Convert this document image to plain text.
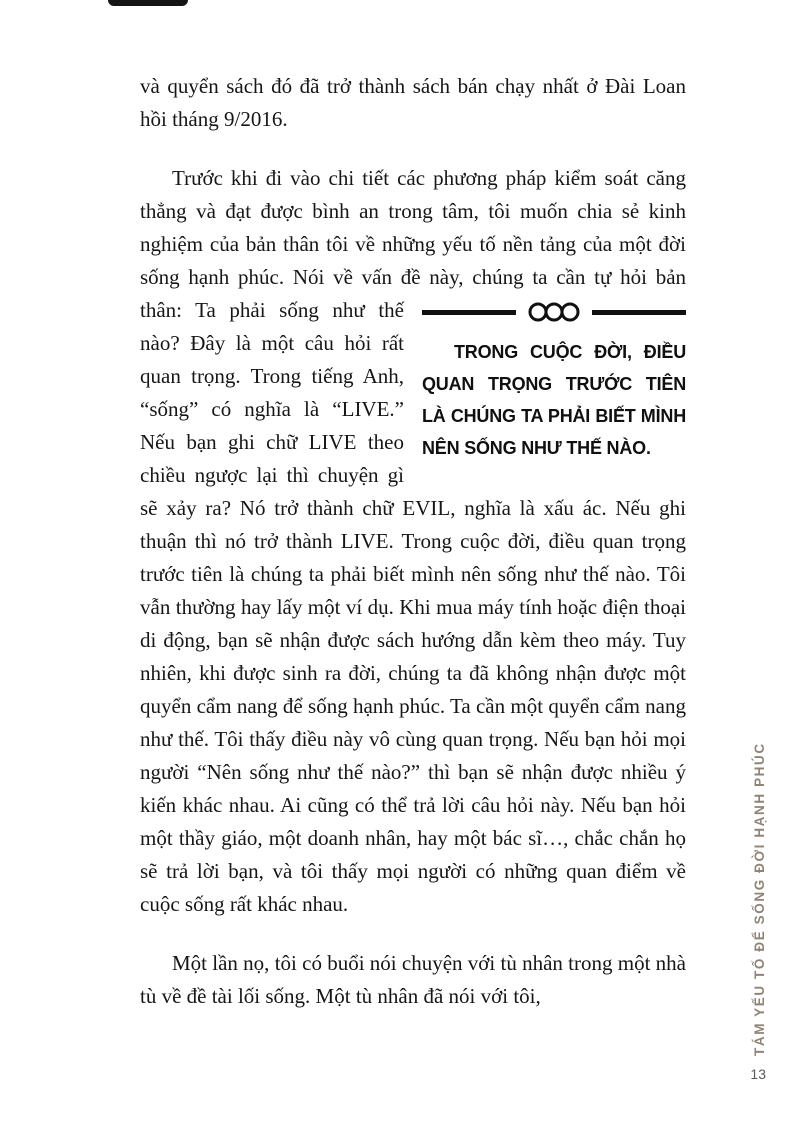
và quyển sách đó đã trở thành sách bán chạy nhất ở Đài Loan hồi tháng 9/2016.

Trước khi đi vào chi tiết các phương pháp kiểm soát căng thẳng và đạt được bình an trong tâm, tôi muốn chia sẻ kinh nghiệm của bản thân tôi về những yếu tố nền tảng của một đời sống hạnh phúc. Nói về vấn đề này, chúng ta cần tự hỏi
TRONG CUỘC ĐỜI, ĐIỀU QUAN TRỌNG TRƯỚC TIÊN LÀ CHÚNG TA PHẢI BIẾT MÌNH NÊN SỐNG NHƯ THẾ NÀO.
bản thân: Ta phải sống như thế nào? Đây là một câu hỏi rất quan trọng. Trong tiếng Anh, “sống” có nghĩa là “LIVE.” Nếu bạn ghi chữ LIVE theo chiều ngược lại thì chuyện gì sẽ xảy ra? Nó trở thành chữ EVIL, nghĩa là xấu ác. Nếu ghi thuận thì nó trở thành LIVE. Trong cuộc đời, điều quan trọng trước tiên là chúng ta phải biết mình nên sống như thế nào. Tôi vẫn thường hay lấy một ví dụ. Khi mua máy tính hoặc điện thoại di động, bạn sẽ nhận được sách hướng dẫn kèm theo máy. Tuy nhiên, khi được sinh ra đời, chúng ta đã không nhận được một quyển cẩm nang để sống hạnh phúc. Ta cần một quyển cẩm nang như thế. Tôi thấy điều này vô cùng quan trọng. Nếu bạn hỏi mọi người “Nên sống như thế nào?” thì bạn sẽ nhận được nhiều ý kiến khác nhau. Ai cũng có thể trả lời câu hỏi này. Nếu bạn hỏi một thầy giáo, một doanh nhân, hay một bác sĩ…, chắc chắn họ sẽ trả lời bạn, và tôi thấy mọi người có những quan điểm về cuộc sống rất khác nhau.

Một lần nọ, tôi có buổi nói chuyện với tù nhân trong một nhà tù về đề tài lối sống. Một tù nhân đã nói với tôi,	TÁM YẾU TỐ ĐỂ SỐNG ĐỜI HẠNH PHÚC
13
